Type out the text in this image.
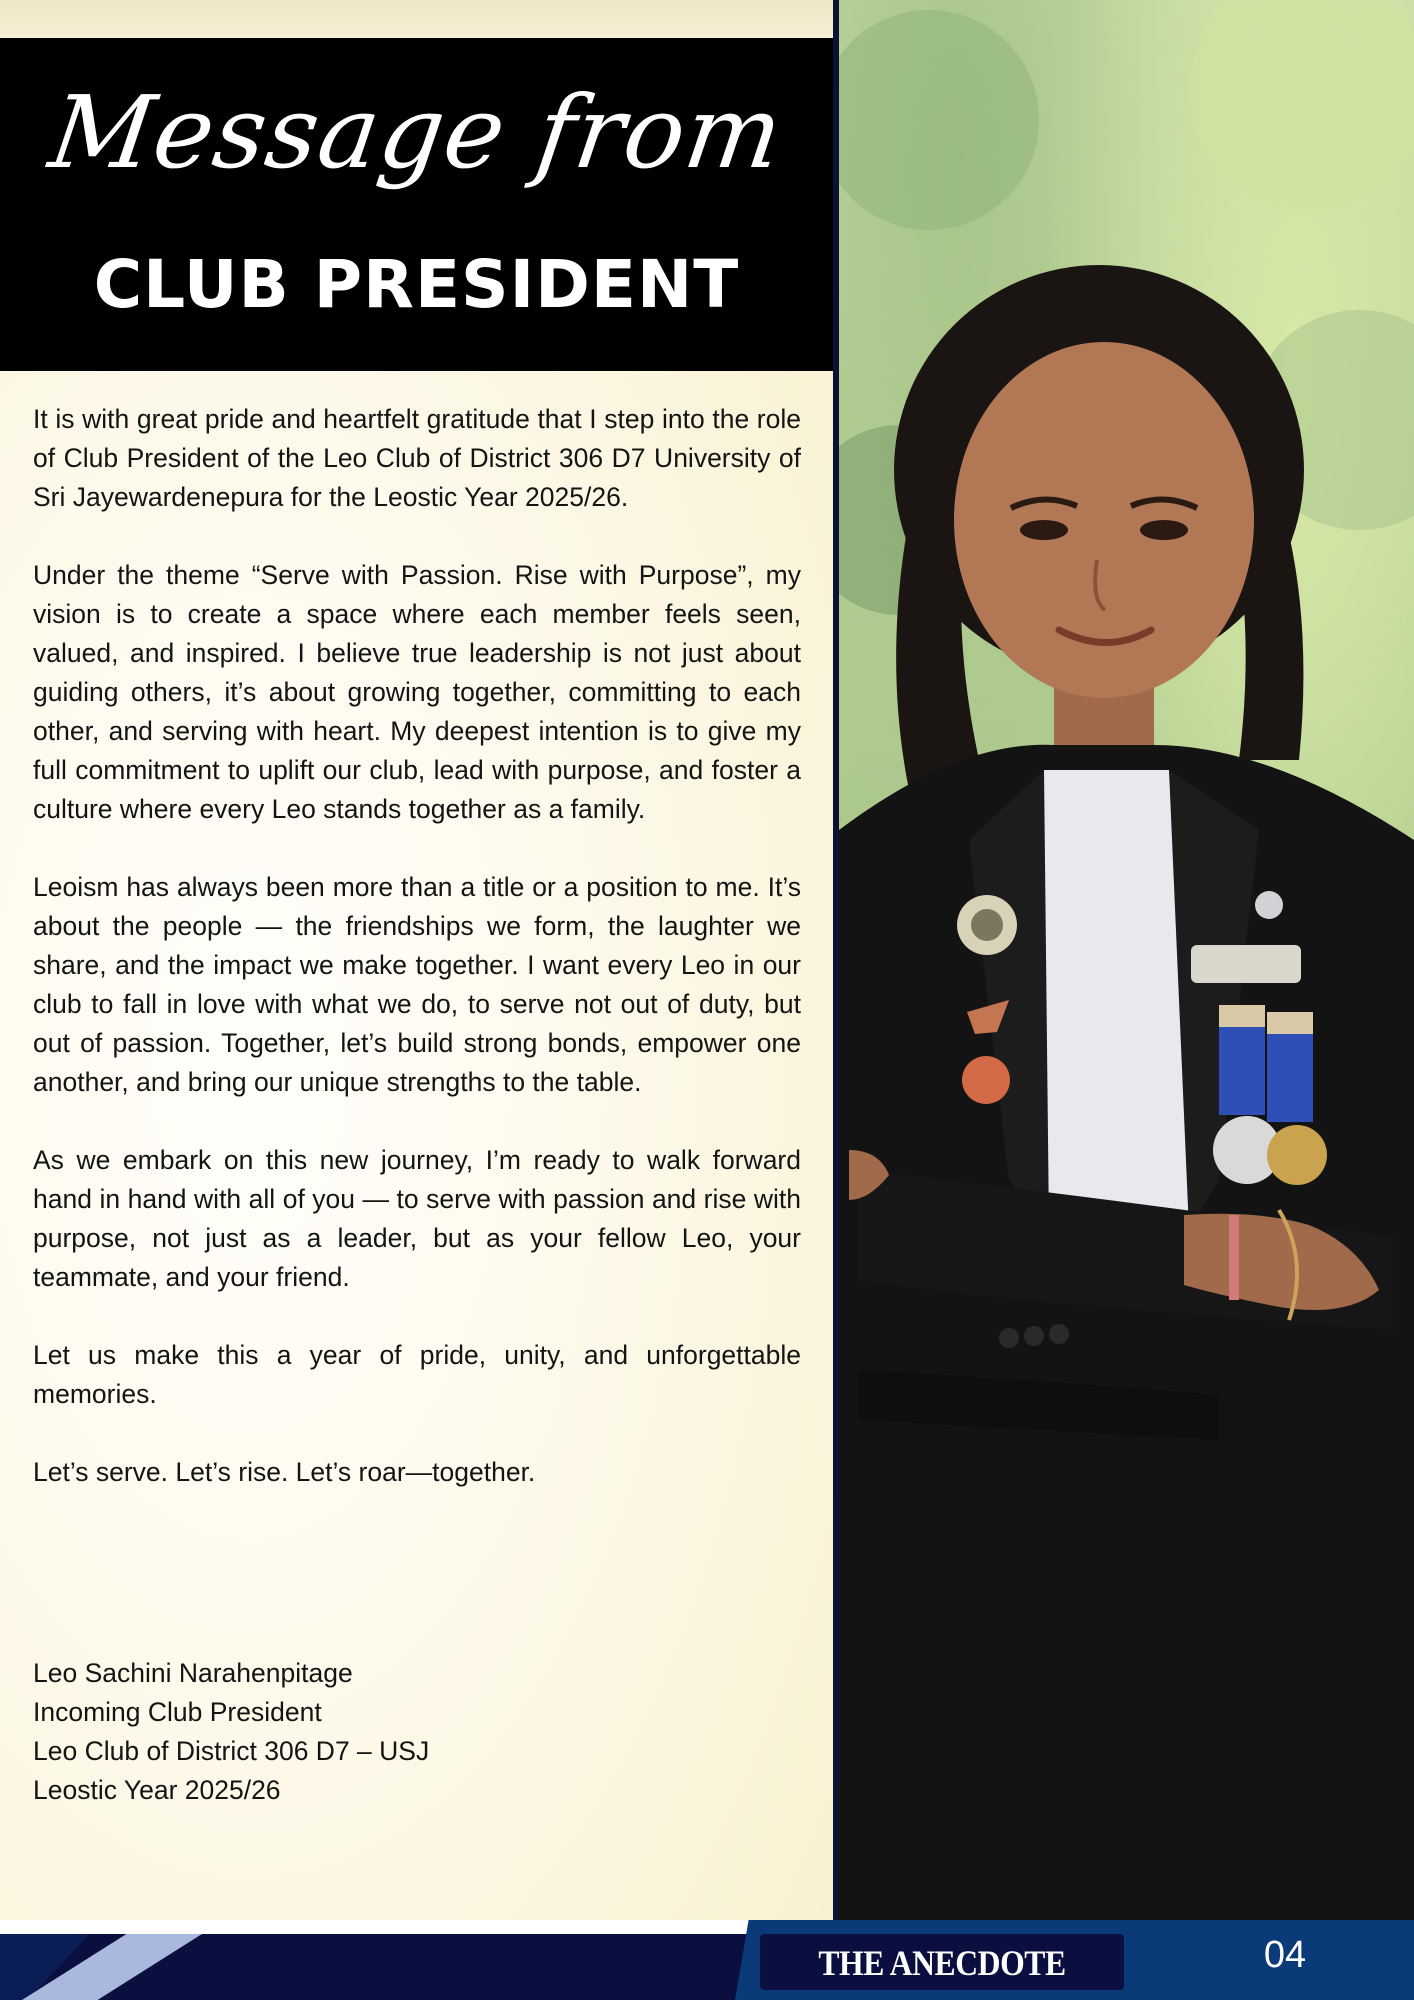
Message from
CLUB PRESIDENT

It is with great pride and heartfelt gratitude that I step into the role of Club President of the Leo Club of District 306 D7 University of Sri Jayewardenepura for the Leostic Year 2025/26.

Under the theme “Serve with Passion. Rise with Purpose”, my vision is to create a space where each member feels seen, valued, and inspired. I believe true leadership is not just about guiding others, it’s about growing together, committing to each other, and serving with heart. My deepest intention is to give my full commitment to uplift our club, lead with purpose, and foster a culture where every Leo stands together as a family.

Leoism has always been more than a title or a position to me. It’s about the people — the friendships we form, the laughter we share, and the impact we make together. I want every Leo in our club to fall in love with what we do, to serve not out of duty, but out of passion. Together, let’s build strong bonds, empower one another, and bring our unique strengths to the table.

As we embark on this new journey, I’m ready to walk forward hand in hand with all of you — to serve with passion and rise with purpose, not just as a leader, but as your fellow Leo, your teammate, and your friend.

Let us make this a year of pride, unity, and unforgettable memories.

Let’s serve. Let’s rise. Let’s roar—together.

Leo Sachini Narahenpitage
Incoming Club President
Leo Club of District 306 D7 – USJ
Leostic Year 2025/26
THE ANECDOTE	04
